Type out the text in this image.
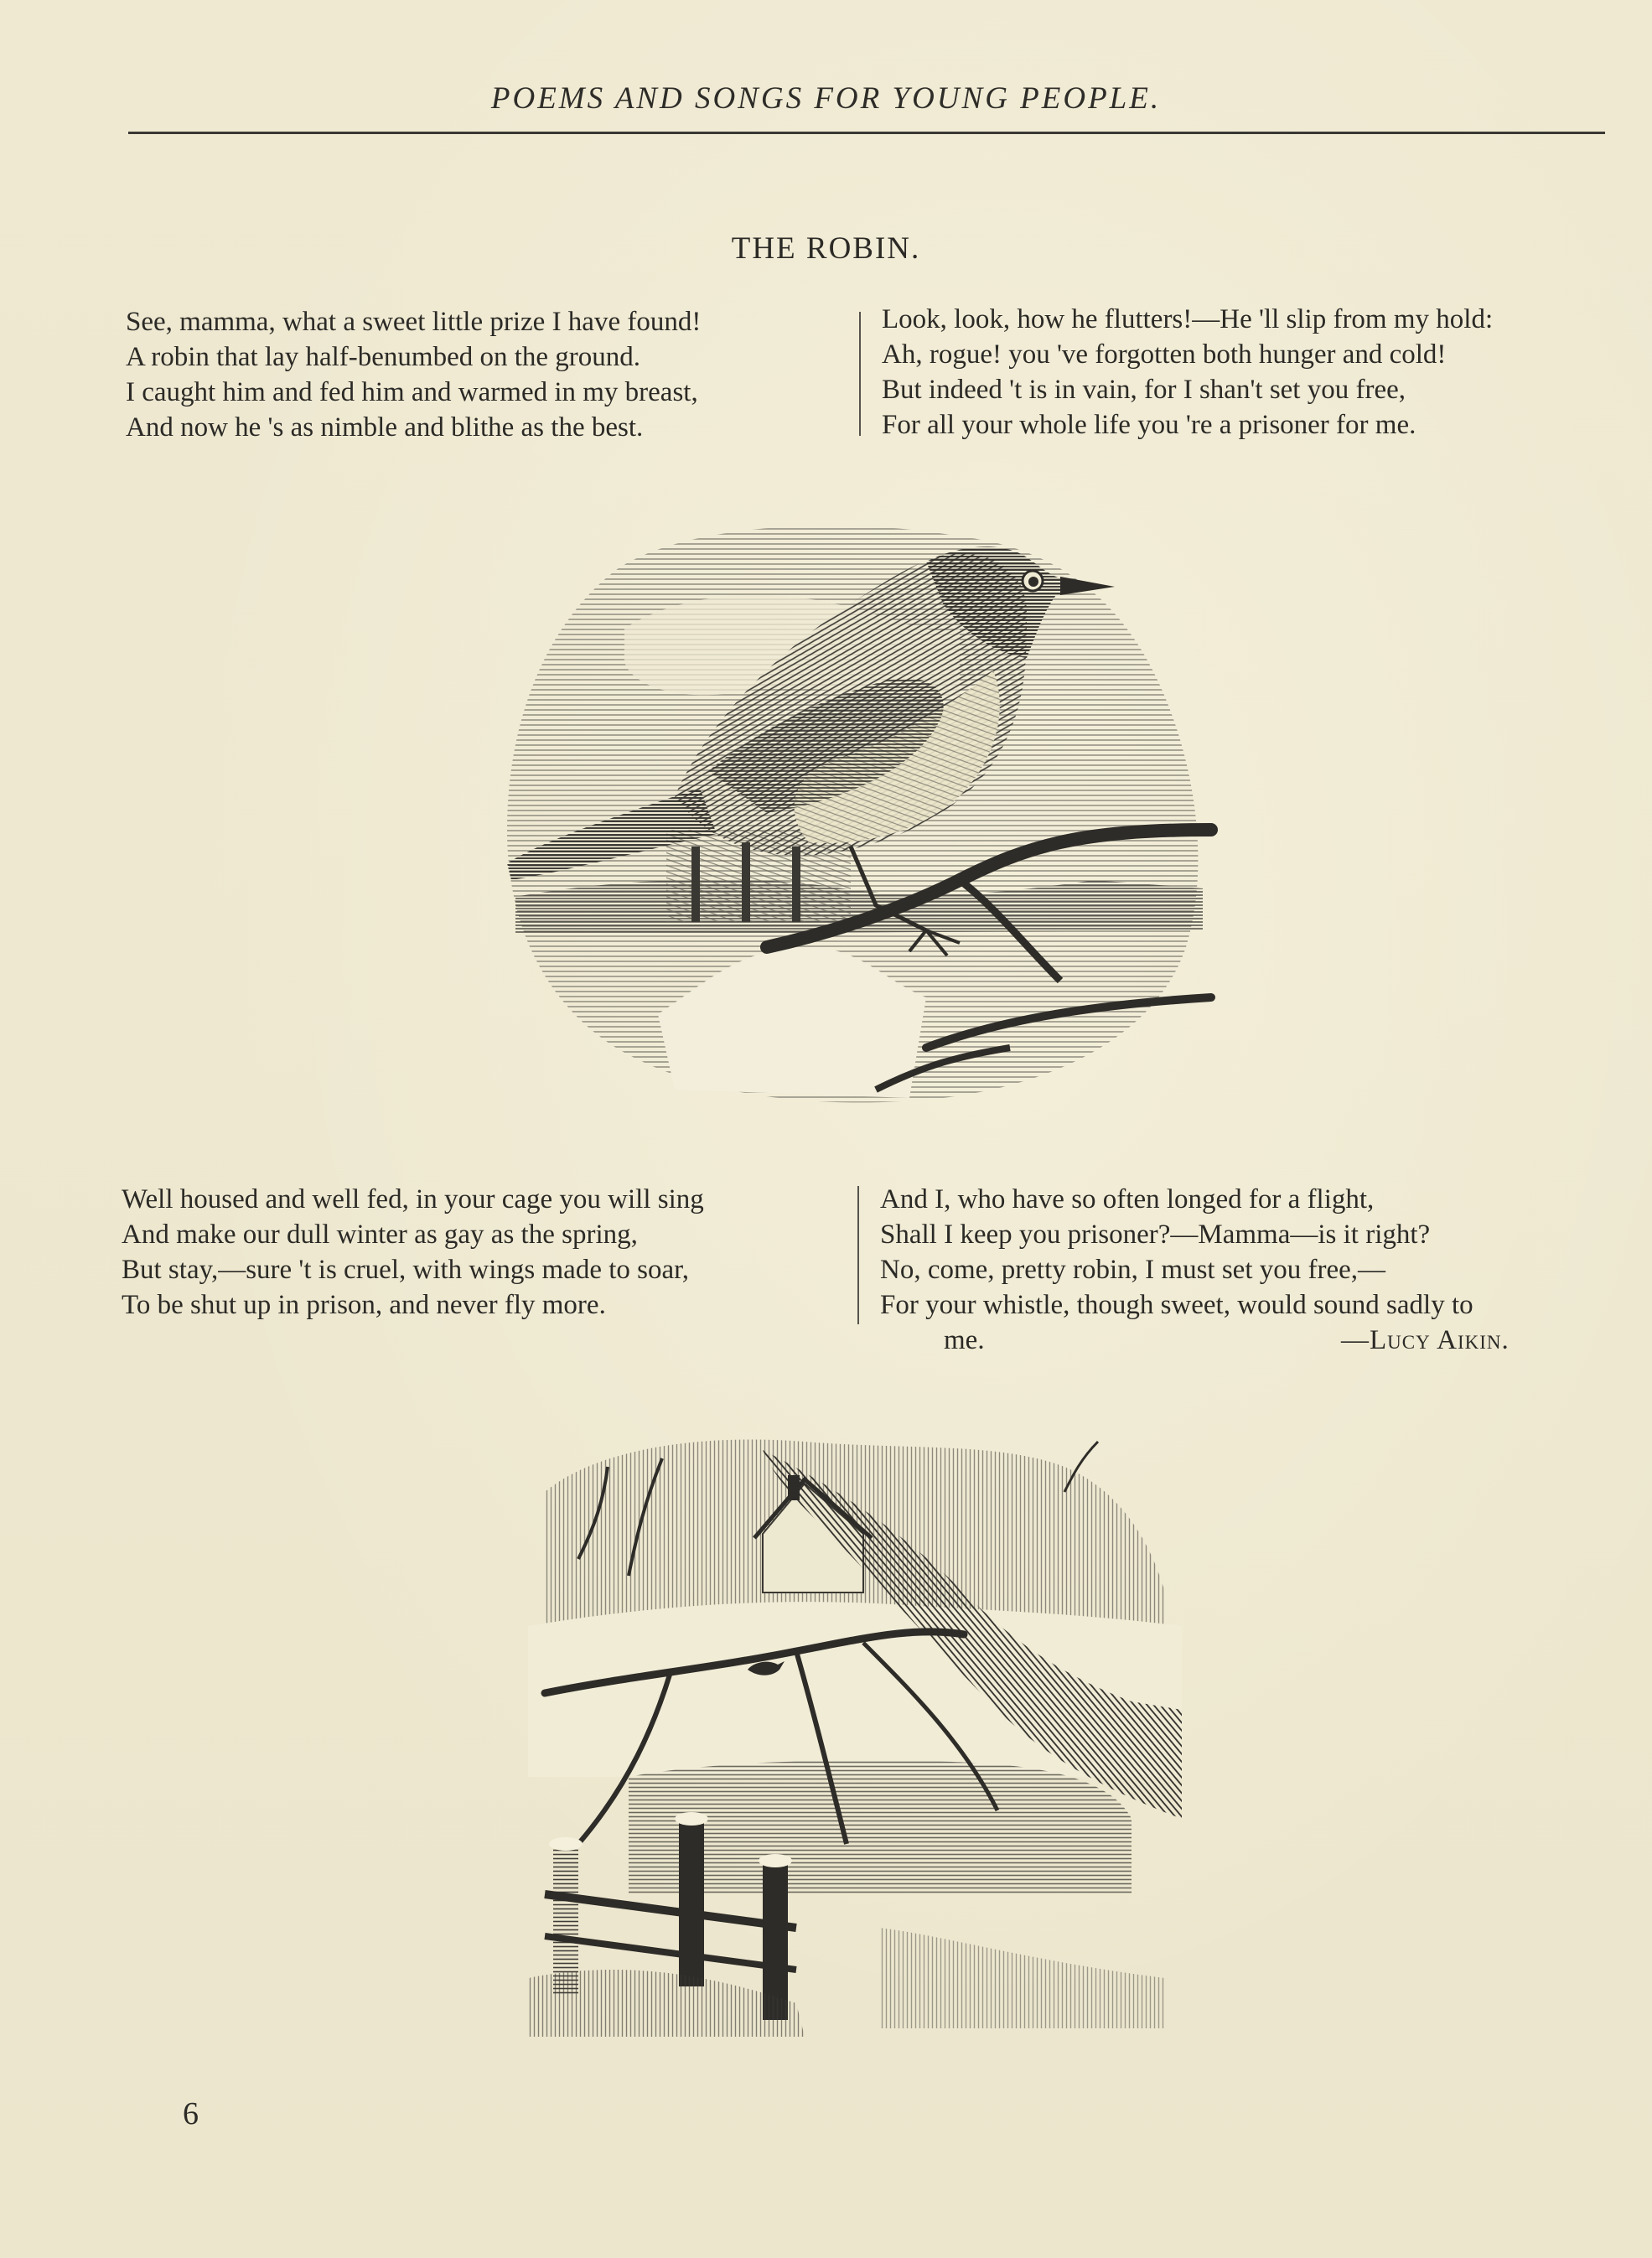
POEMS AND SONGS FOR YOUNG PEOPLE.
THE ROBIN.
See, mamma, what a sweet little prize I have found!
A robin that lay half-benumbed on the ground.
I caught him and fed him and warmed in my breast,
And now he 's as nimble and blithe as the best.
Look, look, how he flutters!—He 'll slip from my hold:
Ah, rogue! you 've forgotten both hunger and cold!
But indeed 't is in vain, for I shan't set you free,
For all your whole life you 're a prisoner for me.
Well housed and well fed, in your cage you will sing
And make our dull winter as gay as the spring,
But stay,—sure 't is cruel, with wings made to soar,
To be shut up in prison, and never fly more.
And I, who have so often longed for a flight,
Shall I keep you prisoner?—Mamma—is it right?
No, come, pretty robin, I must set you free,—
For your whistle, though sweet, would sound sadly to
me.	—Lucy Aikin.
6
